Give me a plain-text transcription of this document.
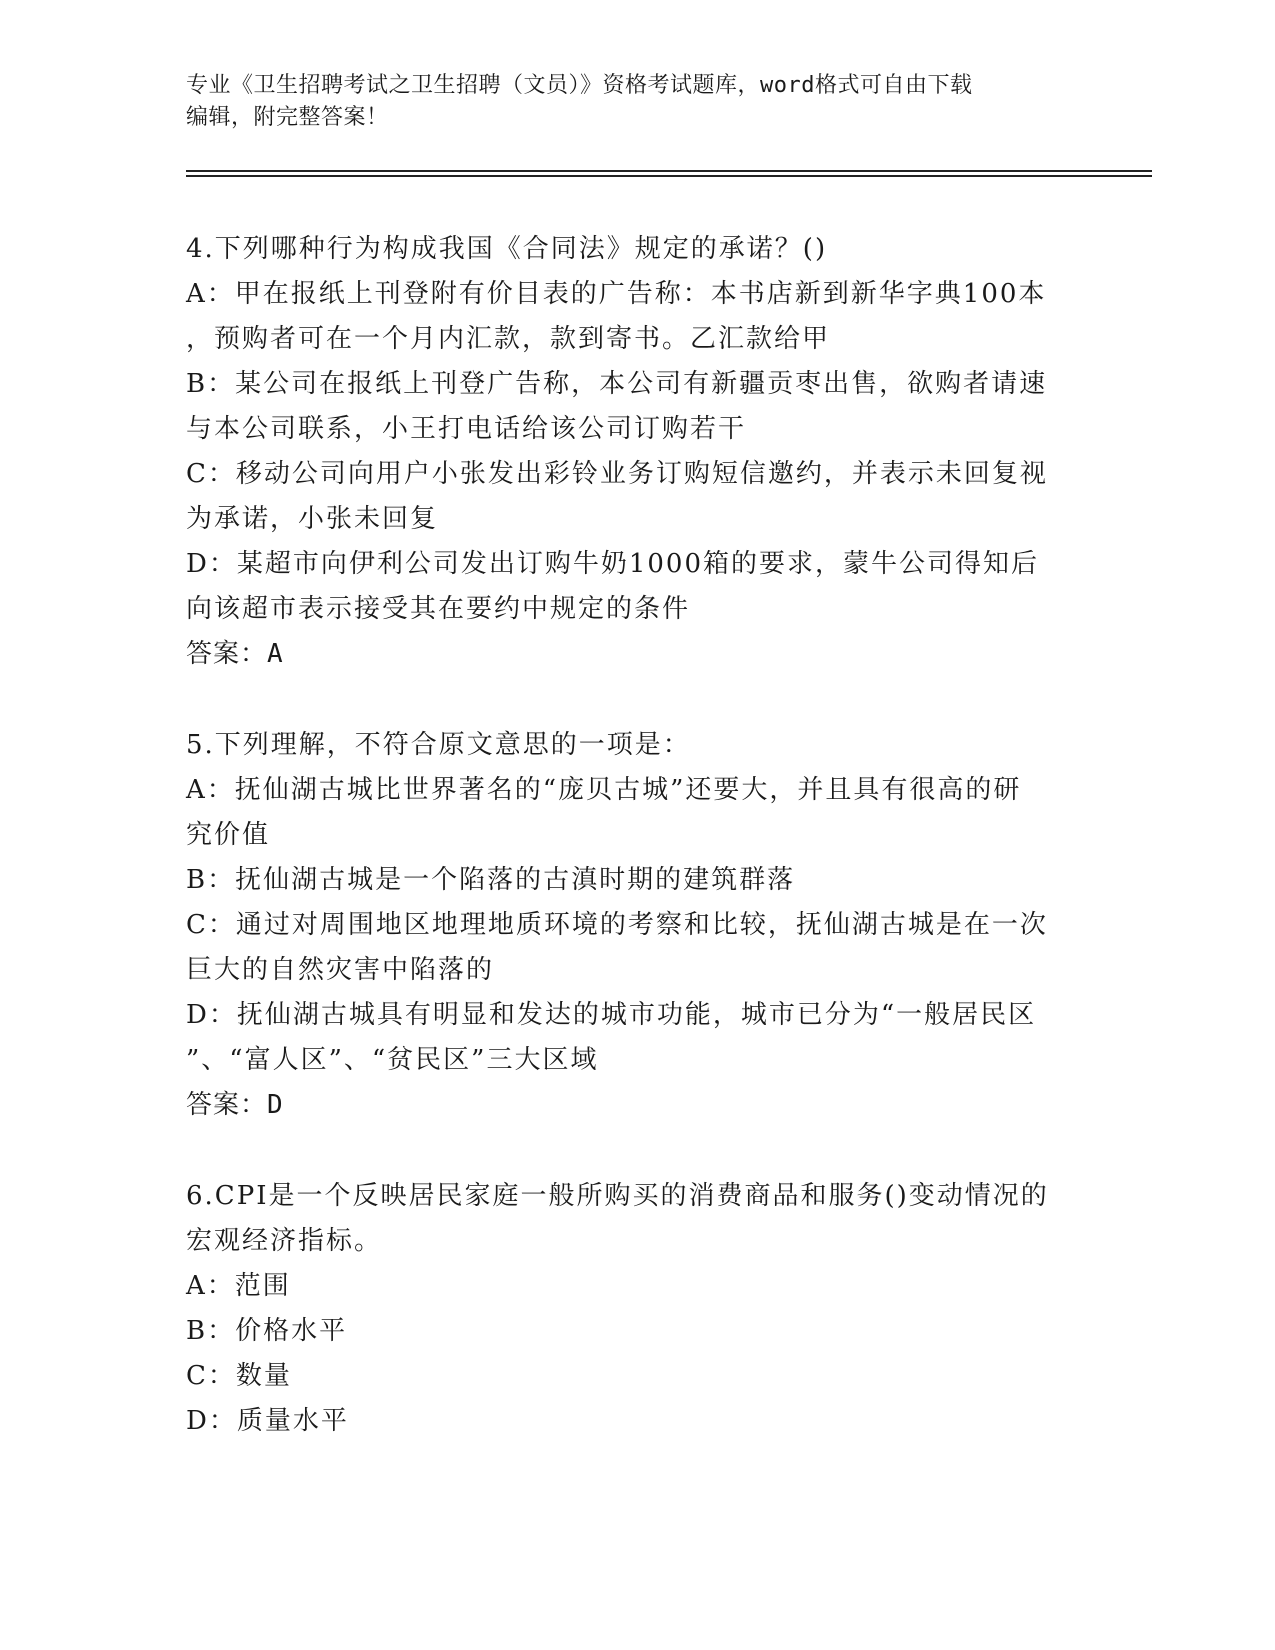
专业《卫生招聘考试之卫生招聘（文员）》资格考试题库，word格式可自由下载
编辑，附完整答案！
4.下列哪种行为构成我国《合同法》规定的承诺？()
A：甲在报纸上刊登附有价目表的广告称：本书店新到新华字典100本
，预购者可在一个月内汇款，款到寄书。乙汇款给甲
B：某公司在报纸上刊登广告称，本公司有新疆贡枣出售，欲购者请速
与本公司联系，小王打电话给该公司订购若干
C：移动公司向用户小张发出彩铃业务订购短信邀约，并表示未回复视
为承诺，小张未回复
D：某超市向伊利公司发出订购牛奶1000箱的要求，蒙牛公司得知后
向该超市表示接受其在要约中规定的条件
答案：A
5.下列理解，不符合原文意思的一项是：
A：抚仙湖古城比世界著名的“庞贝古城”还要大，并且具有很高的研
究价值
B：抚仙湖古城是一个陷落的古滇时期的建筑群落
C：通过对周围地区地理地质环境的考察和比较，抚仙湖古城是在一次
巨大的自然灾害中陷落的
D：抚仙湖古城具有明显和发达的城市功能，城市已分为“一般居民区
”、“富人区”、“贫民区”三大区域
答案：D
6.CPI是一个反映居民家庭一般所购买的消费商品和服务()变动情况的
宏观经济指标。
A：范围
B：价格水平
C：数量
D：质量水平
